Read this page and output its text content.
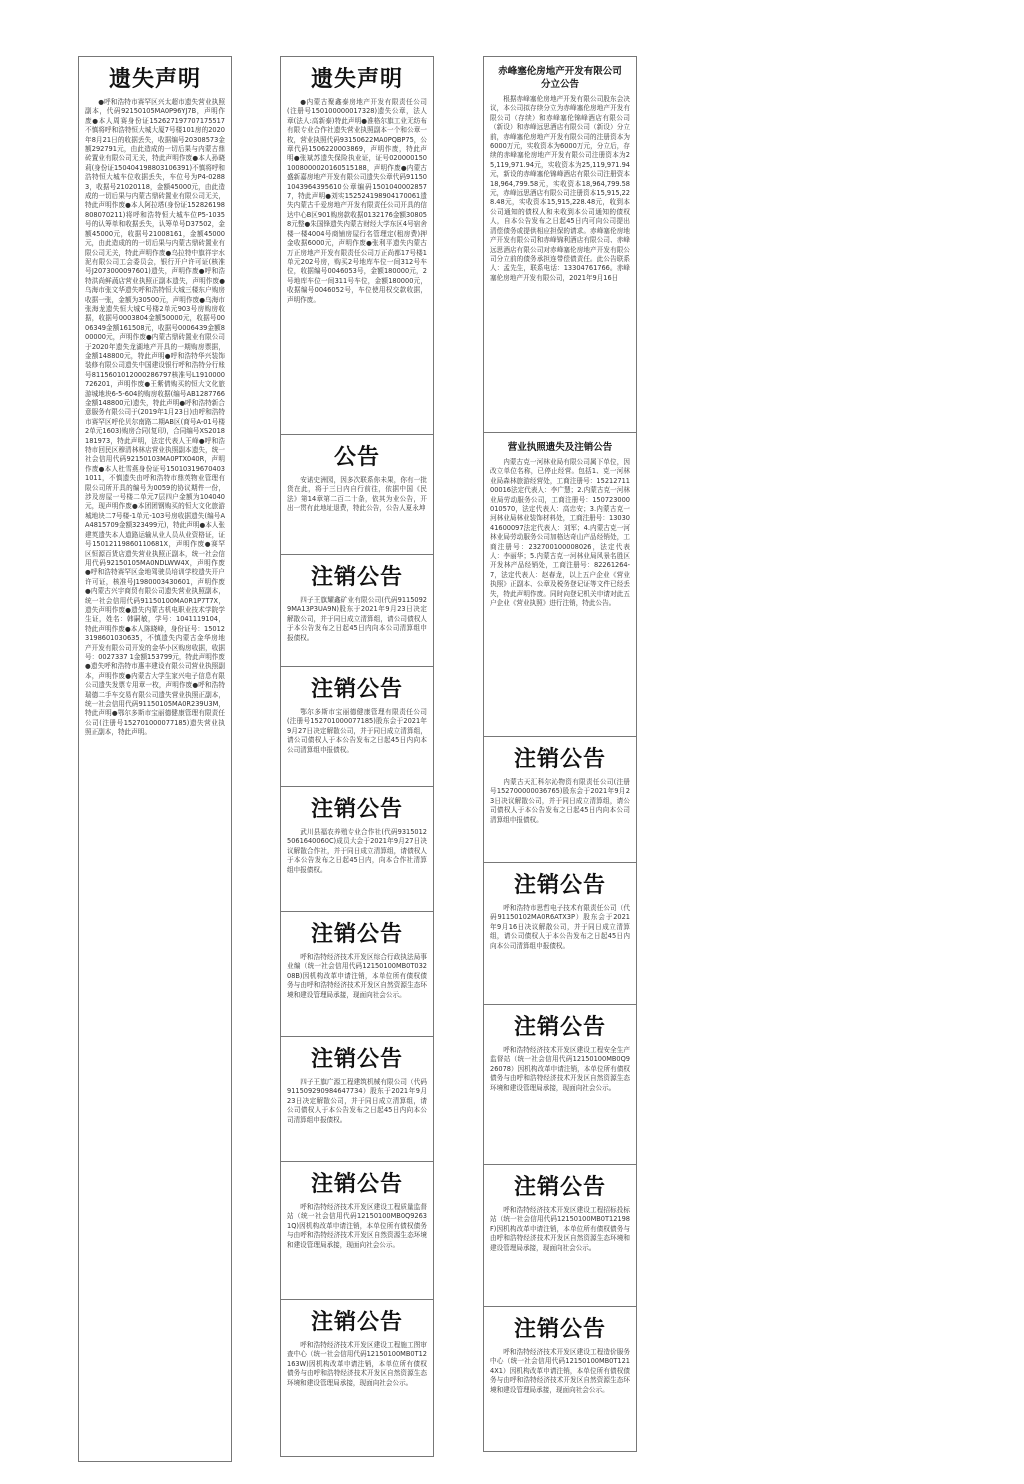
遗失声明
●呼和浩特市赛罕区兴太超市遗失营业执照副本，代码92150105MA0P96YJ7B，声明作废●本人周赛身份证1526271977071755​17不慎将呼和浩特恒大城大厦7号楼101房的2020年8月21日的收据丢失，收据编号20308573金额292791元，由此造成的一切后果与内蒙古鼎砖置业有限公司无关，特此声明作废●本人孙晓莉(身份证150404198803106391)不慎将呼和浩特恒大城车位收据丢失，车位号为P4-02883，收据号21020118，金额45000元，由此造成的一切后果与内蒙古鼎砖置业有限公司无关，特此声明作废●本人阿拉塔(身份证152826198808070211)将呼和浩特恒大城车位P5-1035号的认筹单和收据丢失，认筹单号D37502，金额45000元，收据号21008161，金额45000元，由此造成的的一切后果与内蒙古鼎砖置业有限公司无关，特此声明作废●乌拉特中旗祥宇水泥有限公司工会委员会，银行开户许可证(核准号J2073000097601)遗失，声明作废●呼和浩特洪尚鲜蔬店营业执照正副本遗失，声明作废●乌海市张文华遗失呼和浩特恒大城三楼东户购房收据一张，金额为30500元，声明作废●乌海市张海龙遗失恒大城C号楼2单元903号房购房收据，收据号0003804金额50000元，收据号0006349金额161508元，收据号0006439金额800000元，声明作废●内蒙古鼎砖置业有限公司于2020年遗失龙湖地产开具的一期购房票据，金额148800元，特此声明●呼和浩特华兴装饰装修有限公司遗失中国建设银行呼和浩特分行账号81156010120002867​97核准号L1910000726201，声明作废●王紫倩购买的恒大文化旅游城地块6-5-604的购房收据(编号AB1287766金额148800元)遗失，特此声明●呼和浩特新合意服务有限公司于(2019年1月23日)由呼和浩特市赛罕区呼伦贝尔南路二期AB区(商号A-01号楼2单元1603)购房合同(复印)，合同编号XS2018181973，特此声明，法定代表人王峰●呼和浩特市回民区穆清林林店营业执照副本遗失，统一社会信用代码92150103MA0PTX040R，声明作废●本人杜雪燕身份证号150103196704031011，不慎遗失由呼和浩特市鼎英物业管理有限公司所开具的编号为0059的协议期件一份，涉及房屋一号楼二单元7层四户金额为104040元，现声明作废●本团团钢购买的恒大文化旅游城地块二7号楼-1单元-103号房收据遗失(编号AA4815709金额323499元)，特此声明●本人张建英遗失本人道路运输从业人员从业资格证，证号150121198601106​81X，声明作废●赛罕区恒源百货店遗失营业执照正副本，统一社会信用代码92150105MA0NDLWW4X，声明作废●呼和浩特赛罕区金地驾驶员培训学校遗失开户许可证，核准号J1980003430601，声明作废●内蒙古兴宇商贸有限公司遗失营业执照副本，统一社会信用代码91150100MA0R1P7T7X，遗失声明作废●遗失内蒙古机电职业技术学院学生证，姓名：韩嗣敏，学号：1041119104，特此声明作废●本人陈晓峰，身份证号：150123198601030635，不慎遗失内蒙古金华房地产开发有限公司开发的金华小区购房收据，收据号：0027337 1金额153799元，特此声明作废●遗失呼和浩特市惠丰建设有限公司营业执照副本，声明作废●内蒙古大学生家兴电子信息有限公司遗失发票专用章一枚，声明作废●呼和浩特瑞德二手车交易有限公司遗失营业执照正副本，统一社会信用代码91150105MA0R239U3M，特此声明●鄂尔多斯市宝丽德健康管理有限责任公司(注册号152701000077185)遗失营业执照正副本，特此声明。
遗失声明
●内蒙古聚鑫泰房地产开发有限责任公司(注册号150100000017328)遗失公章，法人章(法人:高新泰)特此声明●准格尔旗工业无纺布有限专业合作社遗失营业执照副本一个和公章一枚，营业执照代码93150622MA0PQBP75，公章代码1506220003869，声明作废，特此声明●张斌苏遗失保险执业证，证号0200001501008000020160515188，声明作废●内蒙古盛新嘉房地产开发有限公司遗失公章代码91150104396439561​0公章编码1501040002857 7，特此声明●刘实1525241989041700​61遗失内蒙古千爱房地产开发有限责任公司开具的信达中心B区901购房款收据0132176金额308058元整●朱国锋遗失内蒙古财经大学东区4号宿舍楼一楼4004号商铺房屋行名管理定(租房费)押金收据6000元，声明作废●张利平遗失内蒙古万正房地产开发有限责任公司万正尚都17号楼1单元202号房，购买2号地库车位一间312号车位，收据编号0046053号，金额180000元，2号地库车位一间311号车位，金额180000元，收据编号0046052号，车位使用权交款收据，声明作废。
公告
安诺史洲园，因多次联系你未果，你有一批货在此，将于三日内自行前往，依据中国《民法》第14章第二百二十条，依其为业公告，开出一贯有此地址退费，特此公告，公告人夏永坤
注销公告
四子王旗耀鑫矿业有限公司(代码91150929MA13P3UA9N)股东于2021年9月23日决定解散公司，并于同日成立清算组，请公司债权人于本公告发布之日起45日内向本公司清算组申报债权。
注销公告
鄂尔多斯市宝丽德健康管理有限责任公司(注册号152701000077185)股东会于2021年9月27日决定解散公司，并于同日成立清算组，请公司债权人于本公告发布之日起45日内向本公司清算组申报债权。
注销公告
武川县福农养殖专业合作社(代码93150125061640060C)成员大会于2021年9月27日决议解散合作社，并于同日成立清算组，请债权人于本公告发布之日起45日内，向本合作社清算组申报债权。
注销公告
呼和浩特经济技术开发区综合行政执法局事业编（统一社会信用代码12150100MB0T03208B)因机构改革申请注销，本单位所有债权债务与由呼和浩特经济技术开发区自然资源生态环境和建设管理局承接，现面向社会公示。
注销公告
四子王旗广源工程建筑机械有限公司（代码91150929098464773​4）股东于2021年9月23日决定解散公司，并于同日成立清算组，请公司债权人于本公告发布之日起45日内向本公司清算组申报债权。
注销公告
呼和浩特经济技术开发区建设工程质量监督站（统一社会信用代码12150100MB0Q9263​1Q)因机构改革申请注销，本单位所有债权债务与由呼和浩特经济技术开发区自然资源生态环境和建设管理局承接，现面向社会公示。
注销公告
呼和浩特经济技术开发区建设工程施工图审查中心（统一社会信用代码12150100MB0T1216​3W)因机构改革申请注销，本单位所有债权债务与由呼和浩特经济技术开发区自然资源生态环境和建设管理局承接，现面向社会公示。
赤峰塞伦房地产开发有限公司
分立公告
根据赤峰塞伦房地产开发有限公司股东会决议，本公司拟存续分立为赤峰塞伦房地产开发有限公司（存续）和赤峰塞伦锦峰酒店有限公司（新设）和赤峰远思酒店有限公司（新设）分立前，赤峰塞伦房地产开发有限公司的注册资本为6000万元，实收资本为6000万元，分立后，存续的赤峰塞伦房地产开发有限公司注册资本为25,119,971.94元，实收资本为25,119,971.94元，新设的赤峰塞伦锦峰酒店有限公司注册资本18,964,799.58元，实收资本18,964,799.58元，赤峰远思酒店有限公司注册资本15,915,228.48元，实收资本15,915,228.48元，收到本公司通知的债权人和未收到本公司通知的债权人，自本公告发布之日起45日内可向公司提出清偿债务或提供相应担保的请求。赤峰塞伦房地产开发有限公司和赤峰锦利酒店有限公司、赤峰远思酒店有限公司对赤峰塞伦房地产开发有限公司分立前的债务承担连带偿债责任。此公告联系人：孟先生，联系电话：13304761766。赤峰塞伦房地产开发有限公司，2021年9月16日
营业执照遗失及注销公告
内蒙古克一河林业局有限公司属下单位，因改立单位名称，已停止经营。包括1、克一河林业局森林旅游经营处，工商注册号：152127110001​6法定代表人：李广慧；2.内蒙古克一河林业局劳动服务公司，工商注册号：150723000010570，法定代表人：高忠安；3.内蒙古克一河林业局林业装饰材料处，工商注册号：130304160009​7法定代表人：刘军；4.内蒙古克一河林业局劳动服务公司加格达奇山产品经销处，工商注册号：232700100008026，法定代表人：李丽华；5.内蒙古克一河林业局风景名胜区开发林产品经销处，工商注册号：82261264-7，法定代表人：赵春龙，以上五户企业《营业执照》正副本、公章及税务登记证等文件已经丢失，特此声明作废。同时向登记机关申请对此五户企业《营业执照》进行注销，特此公告。
注销公告
内蒙古天汇科尔沁物资有限责任公司(注册号152700000036765)股东会于2021年9月23日决议解散公司，并于同日成立清算组，请公司债权人于本公告发布之日起45日内向本公司清算组申报债权。
注销公告
呼和浩特市思哲电子技术有限责任公司（代码91150102MA0R6ATX3P）股东会于2021年9月16日决议解散公司，并于同日成立清算组，请公司债权人于本公告发布之日起45日内向本公司清算组申报债权。
注销公告
呼和浩特经济技术开发区建设工程安全生产监督站（统一社会信用代码12150100MB0Q926078）因机构改革申请注销，本单位所有债权债务与由呼和浩特经济技术开发区自然资源生态环境和建设管理局承接，现面向社会公示。
注销公告
呼和浩特经济技术开发区建设工程招标投标站（统一社会信用代码12150100MB0T12198F)因机构改革申请注销，本单位所有债权债务与由呼和浩特经济技术开发区自然资源生态环境和建设管理局承接，现面向社会公示。
注销公告
呼和浩特经济技术开发区建设工程造价服务中心（统一社会信用代码12150100MB0T1214​X1）因机构改革申请注销，本单位所有债权债务与由呼和浩特经济技术开发区自然资源生态环境和建设管理局承接，现面向社会公示。
